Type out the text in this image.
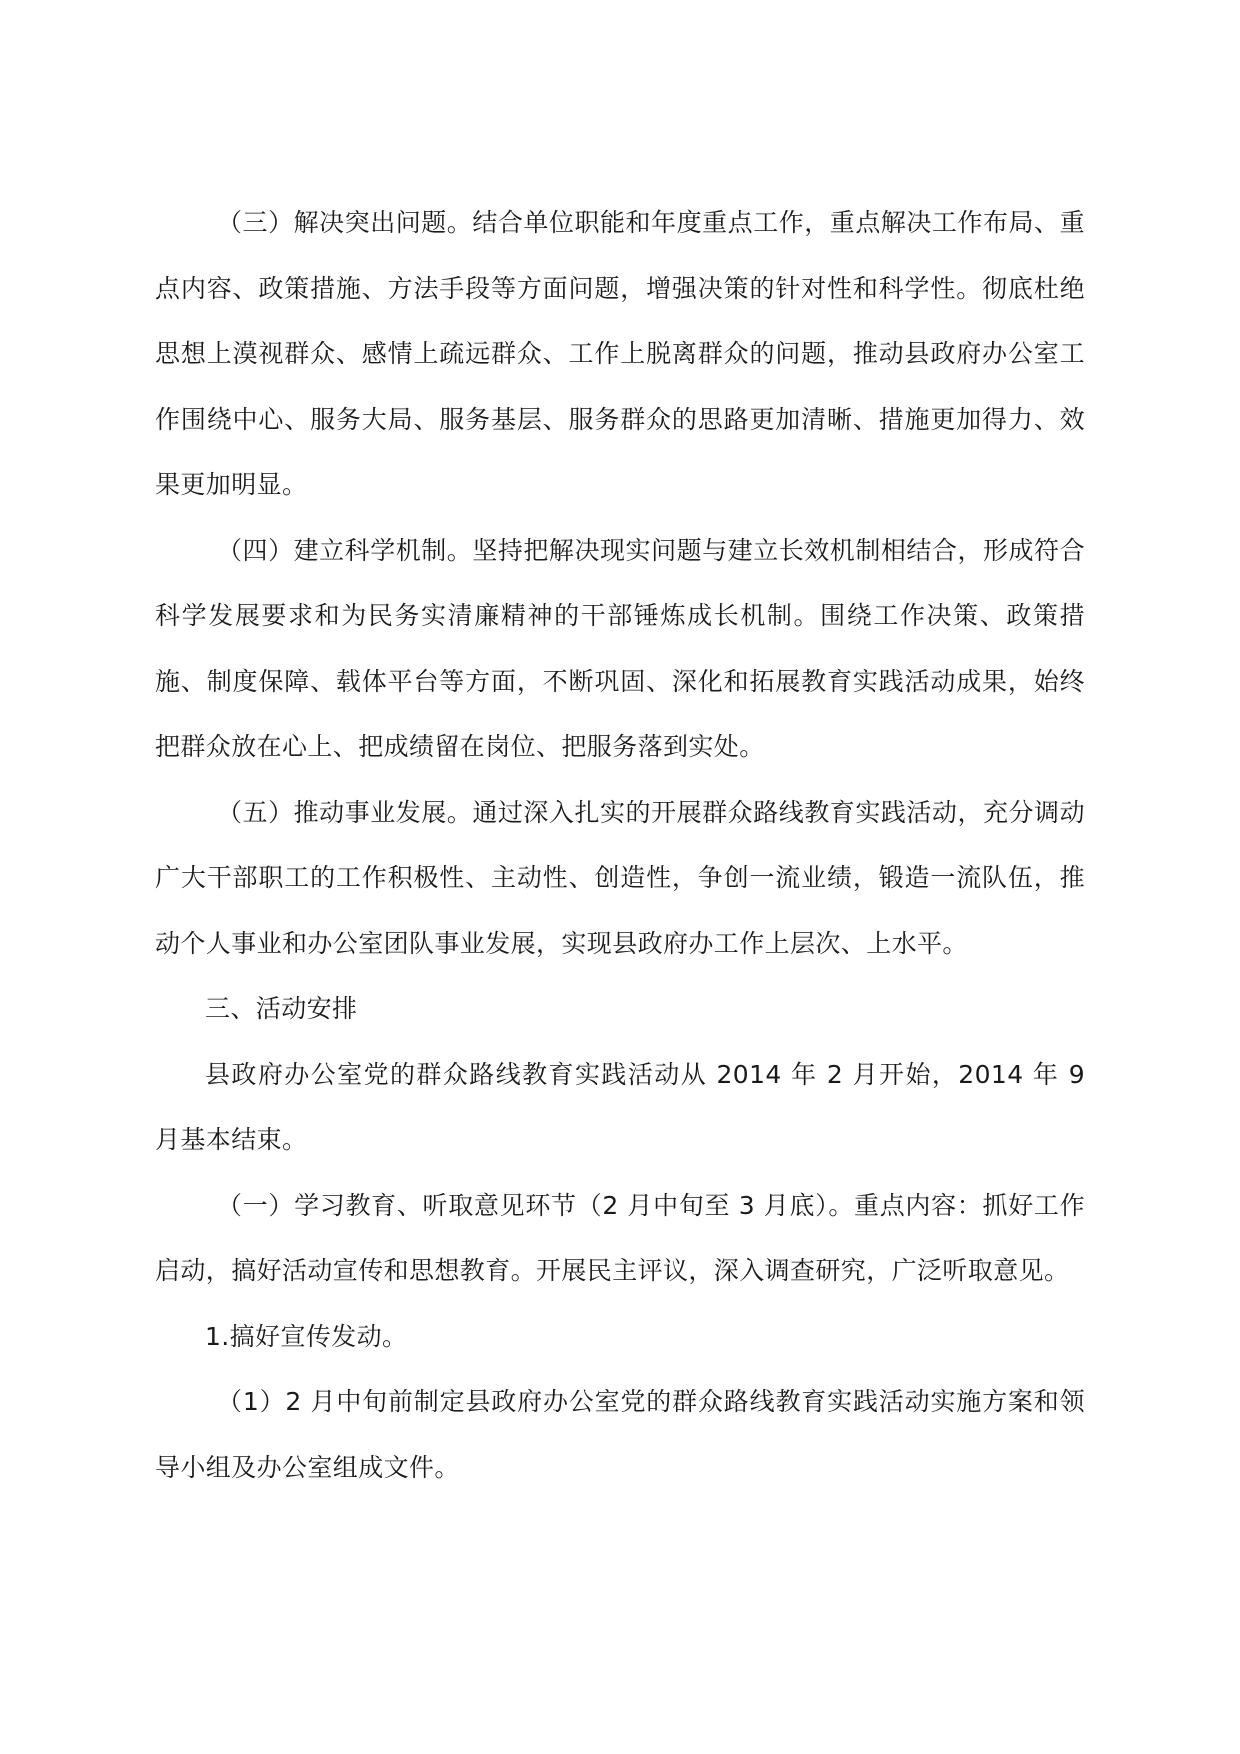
（三）解决突出问题。结合单位职能和年度重点工作，重点解决工作布局、重点内容、政策措施、方法手段等方面问题，增强决策的针对性和科学性。彻底杜绝思想上漠视群众、感情上疏远群众、工作上脱离群众的问题，推动县政府办公室工作围绕中心、服务大局、服务基层、服务群众的思路更加清晰、措施更加得力、效果更加明显。

（四）建立科学机制。坚持把解决现实问题与建立长效机制相结合，形成符合科学发展要求和为民务实清廉精神的干部锤炼成长机制。围绕工作决策、政策措施、制度保障、载体平台等方面，不断巩固、深化和拓展教育实践活动成果，始终把群众放在心上、把成绩留在岗位、把服务落到实处。

（五）推动事业发展。通过深入扎实的开展群众路线教育实践活动，充分调动广大干部职工的工作积极性、主动性、创造性，争创一流业绩，锻造一流队伍，推动个人事业和办公室团队事业发展，实现县政府办工作上层次、上水平。

三、活动安排

县政府办公室党的群众路线教育实践活动从 2014 年 2 月开始，2014 年 9 月基本结束。

（一）学习教育、听取意见环节（2 月中旬至 3 月底）。重点内容：抓好工作启动，搞好活动宣传和思想教育。开展民主评议，深入调查研究，广泛听取意见。

1.搞好宣传发动。

（1）2 月中旬前制定县政府办公室党的群众路线教育实践活动实施方案和领导小组及办公室组成文件。
